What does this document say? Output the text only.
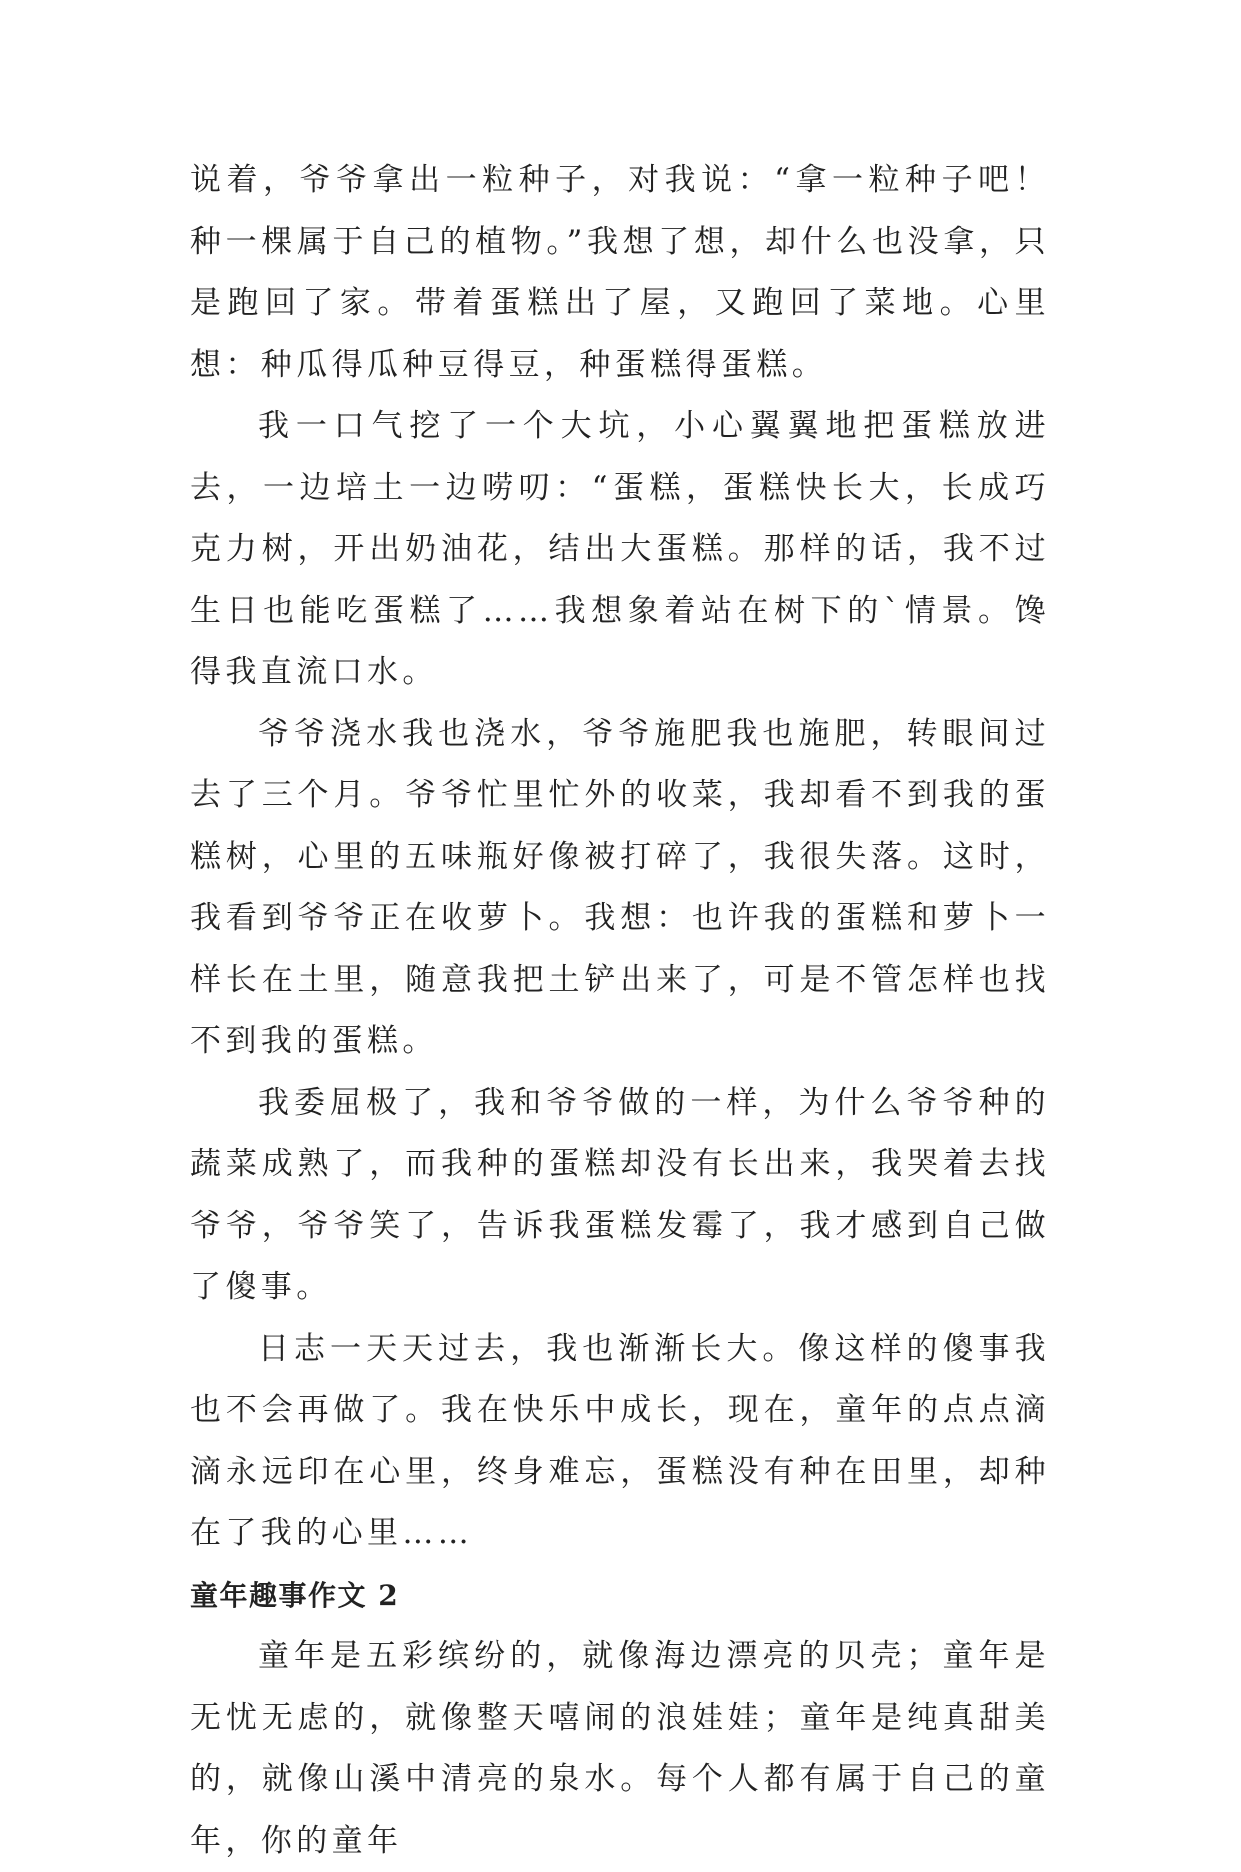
说着，爷爷拿出一粒种子，对我说：“拿一粒种子吧！种一棵属于自己的植物。”我想了想，却什么也没拿，只是跑回了家。带着蛋糕出了屋，又跑回了菜地。心里想：种瓜得瓜种豆得豆，种蛋糕得蛋糕。

我一口气挖了一个大坑，小心翼翼地把蛋糕放进去，一边培土一边唠叨：“蛋糕，蛋糕快长大，长成巧克力树，开出奶油花，结出大蛋糕。那样的话，我不过生日也能吃蛋糕了……我想象着站在树下的`情景。馋得我直流口水。

爷爷浇水我也浇水，爷爷施肥我也施肥，转眼间过去了三个月。爷爷忙里忙外的收菜，我却看不到我的蛋糕树，心里的五味瓶好像被打碎了，我很失落。这时，我看到爷爷正在收萝卜。我想：也许我的蛋糕和萝卜一样长在土里，随意我把土铲出来了，可是不管怎样也找不到我的蛋糕。

我委屈极了，我和爷爷做的一样，为什么爷爷种的蔬菜成熟了，而我种的蛋糕却没有长出来，我哭着去找爷爷，爷爷笑了，告诉我蛋糕发霉了，我才感到自己做了傻事。

日志一天天过去，我也渐渐长大。像这样的傻事我也不会再做了。我在快乐中成长，现在，童年的点点滴滴永远印在心里，终身难忘，蛋糕没有种在田里，却种在了我的心里……

童年趣事作文 2

童年是五彩缤纷的，就像海边漂亮的贝壳；童年是无忧无虑的，就像整天嘻闹的浪娃娃；童年是纯真甜美的，就像山溪中清亮的泉水。每个人都有属于自己的童年，你的童年
